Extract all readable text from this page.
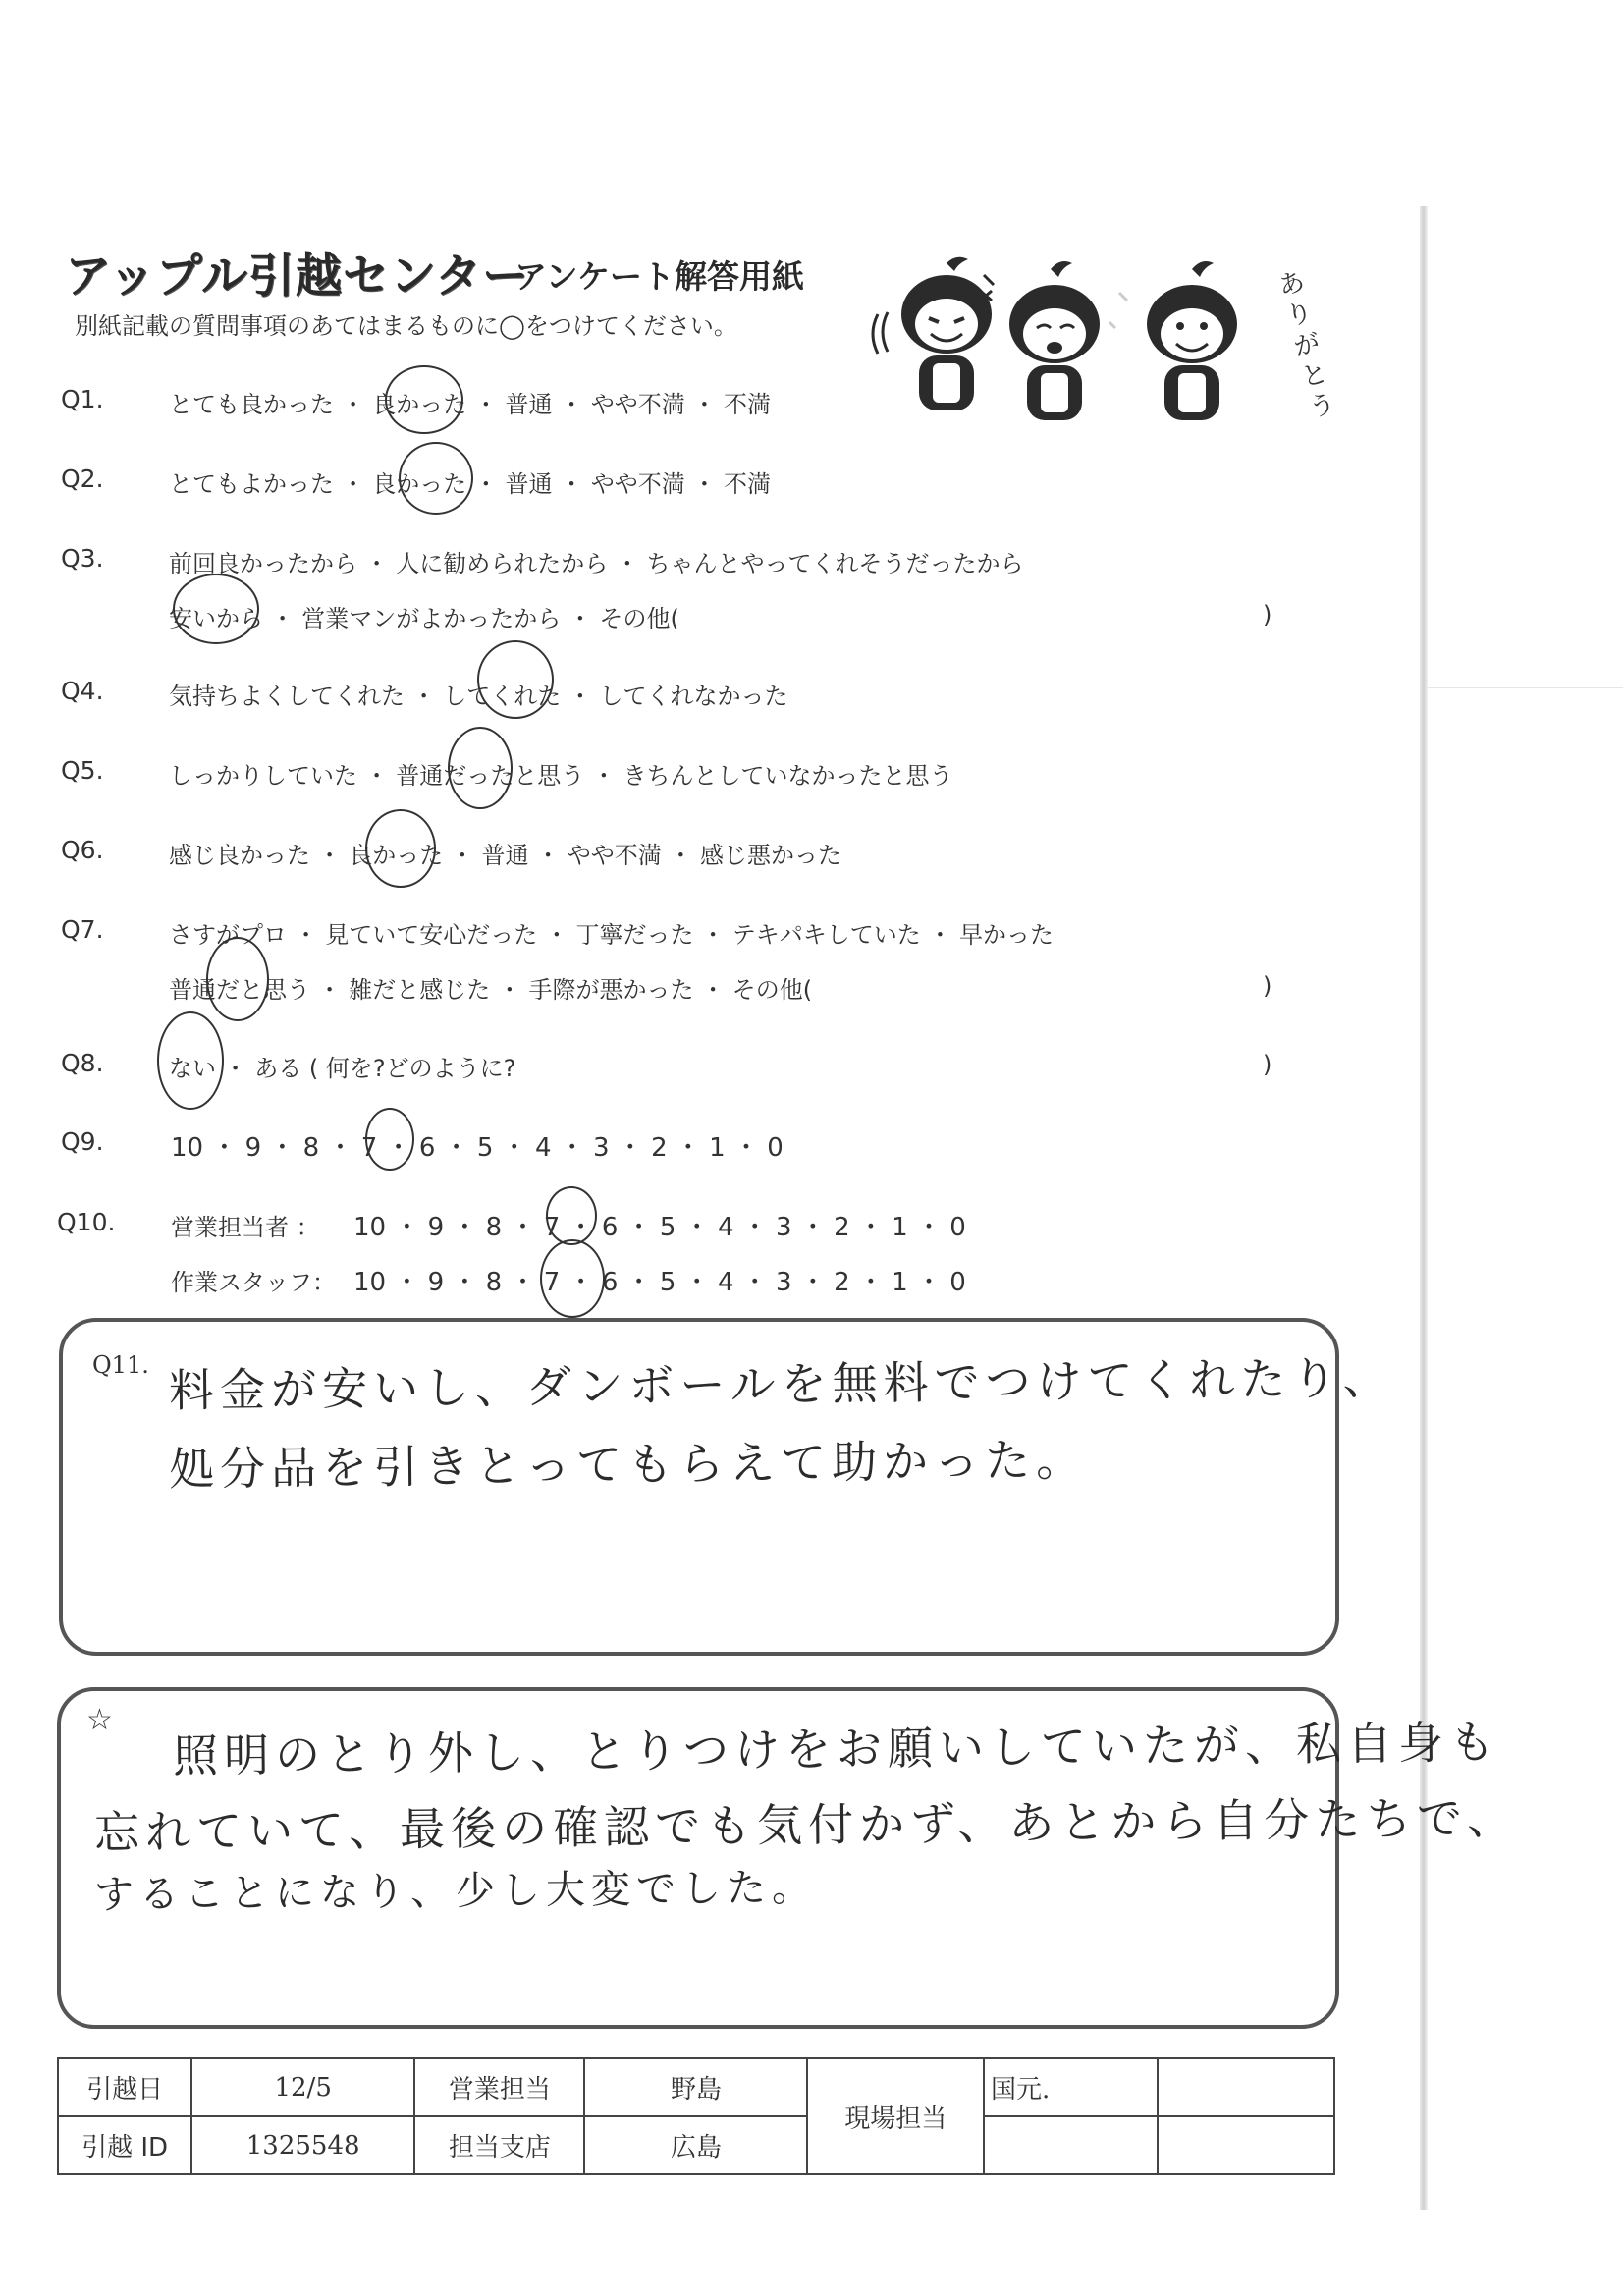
アップル引越センター
アンケート解答用紙
別紙記載の質問事項のあてはまるものに◯をつけてください。
ありがとう
Q1.	とても良かった ・ 良かった ・ 普通 ・ やや不満 ・ 不満
Q2.	とてもよかった ・ 良かった ・ 普通 ・ やや不満 ・ 不満
Q3.	前回良かったから ・ 人に勧められたから ・ ちゃんとやってくれそうだったから
安いから ・ 営業マンがよかったから ・ その他(	)
Q4.	気持ちよくしてくれた ・ してくれた ・ してくれなかった
Q5.	しっかりしていた ・ 普通だったと思う ・ きちんとしていなかったと思う
Q6.	感じ良かった ・ 良かった ・ 普通 ・ やや不満 ・ 感じ悪かった
Q7.	さすがプロ ・ 見ていて安心だった ・ 丁寧だった ・ テキパキしていた ・ 早かった
普通だと思う ・ 雑だと感じた ・ 手際が悪かった ・ その他(	)
Q8.	ない ・ ある ( 何を?どのように?	)
Q9.	10 ・ 9 ・ 8 ・ 7 ・ 6 ・ 5 ・ 4 ・ 3 ・ 2 ・ 1 ・ 0
Q10. 営業担当者 ： 10 ・ 9 ・ 8 ・ 7 ・ 6 ・ 5 ・ 4 ・ 3 ・ 2 ・ 1 ・ 0
作業スタッフ： 10 ・ 9 ・ 8 ・ 7 ・ 6 ・ 5 ・ 4 ・ 3 ・ 2 ・ 1 ・ 0
Q11. 料金が安いし、ダンボールを無料でつけてくれたり、
処分品を引きとってもらえて助かった。
☆ 照明のとり外し、とりつけをお願いしていたが、私自身も
忘れていて、最後の確認でも気付かず、あとから自分たちで、
することになり、少し大変でした。
引越日	12/5	営業担当	野島	現場担当	国元.	
引越 ID	1325548	担当支店	広島			
